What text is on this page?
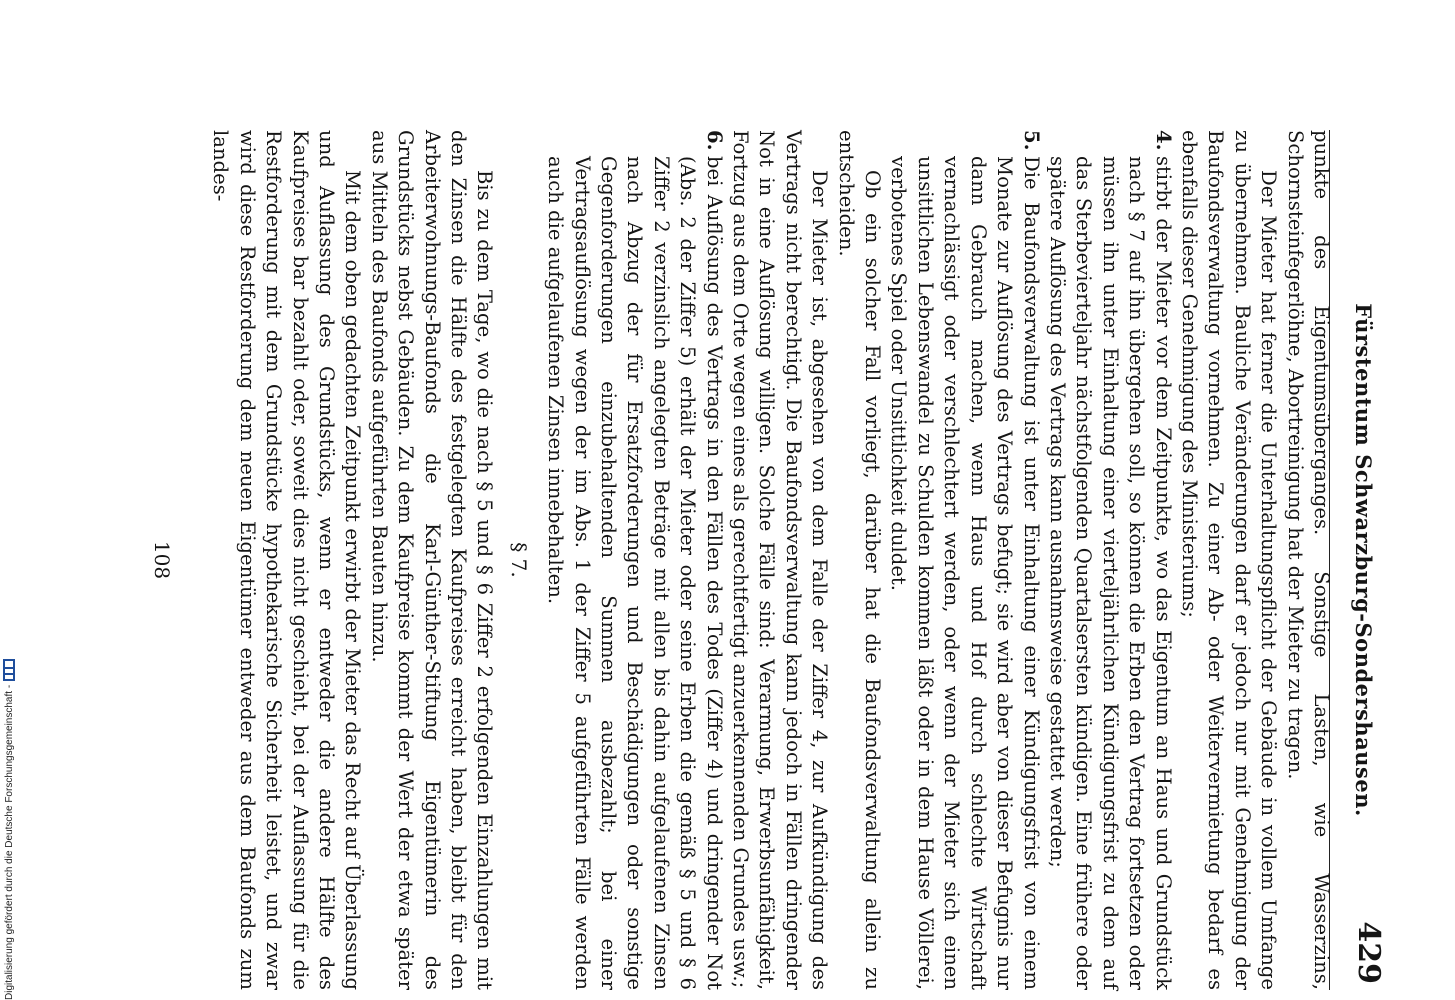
Fürstentum Schwarzburg-Sondershausen.
429

punkte des Eigentumsüberganges. Sonstige Lasten, wie Wasserzins, Schornsteinfegerlöhne, Abortreinigung hat der Mieter zu tragen.

Der Mieter hat ferner die Unterhaltungspflicht der Gebäude in vollem Umfange zu übernehmen. Bauliche Veränderungen darf er jedoch nur mit Genehmigung der Baufondsverwaltung vornehmen. Zu einer Ab- oder Weitervermietung bedarf es ebenfalls dieser Genehmigung des Ministeriums;

4.
stirbt der Mieter vor dem Zeitpunkte, wo das Eigentum an Haus und Grundstück nach § 7 auf ihn übergehen soll, so können die Erben den Vertrag fortsetzen oder müssen ihn unter Einhaltung einer vierteljährlichen Kündigungsfrist zu dem auf das Sterbevierteljahr nächstfolgenden Quartalsersten kündigen. Eine frühere oder spätere Auflösung des Vertrags kann ausnahmsweise gestattet werden;
5.
Die Baufondsverwaltung ist unter Einhaltung einer Kündigungsfrist von einem Monate zur Auflösung des Vertrags befugt; sie wird aber von dieser Befugnis nur dann Gebrauch machen, wenn Haus und Hof durch schlechte Wirtschaft vernachlässigt oder verschlechtert werden, oder wenn der Mieter sich einen unsittlichen Lebenswandel zu Schulden kommen läßt oder in dem Hause Völlerei, verbotenes Spiel oder Unsittlichkeit duldet.

Ob ein solcher Fall vorliegt, darüber hat die Baufondsverwaltung allein zu entscheiden.

Der Mieter ist, abgesehen von dem Falle der Ziffer 4, zur Aufkündigung des Vertrags nicht berechtigt. Die Baufondsverwaltung kann jedoch in Fällen dringender Not in eine Auflösung willigen. Solche Fälle sind: Verarmung, Erwerbsunfähigkeit, Fortzug aus dem Orte wegen eines als gerechtfertigt anzuerkennenden Grundes usw.;

6.
bei Auflösung des Vertrags in den Fällen des Todes (Ziffer 4) und dringender Not (Abs. 2 der Ziffer 5) erhält der Mieter oder seine Erben die gemäß § 5 und § 6 Ziffer 2 verzinslich angelegten Beträge mit allen bis dahin aufgelaufenen Zinsen nach Abzug der für Ersatzforderungen und Beschädigungen oder sonstige Gegenforderungen einzubehaltenden Summen ausbezahlt; bei einer Vertragsauflösung wegen der im Abs. 1 der Ziffer 5 aufgeführten Fälle werden auch die aufgelaufenen Zinsen innebehalten.
§ 7.

Bis zu dem Tage, wo die nach § 5 und § 6 Ziffer 2 erfolgenden Einzahlungen mit den Zinsen die Hälfte des festgelegten Kaufpreises erreicht haben, bleibt für den Arbeiterwohnungs-Baufonds die Karl-Günther-Stiftung Eigentümerin des Grundstücks nebst Gebäuden. Zu dem Kaufpreise kommt der Wert der etwa später aus Mitteln des Baufonds aufgeführten Bauten hinzu.

Mit dem oben gedachten Zeitpunkt erwirbt der Mieter das Recht auf Überlassung und Auflassung des Grundstücks, wenn er entweder die andere Hälfte des Kaufpreises bar bezahlt oder, soweit dies nicht geschieht, bei der Auflassung für die Restforderung mit dem Grundstücke hypothekarische Sicherheit leistet, und zwar wird diese Restforderung dem neuen Eigentümer entweder aus dem Baufonds zum landes-

108
Digitalisierung gefördert durch die Deutsche Forschungsgemeinschaft -
